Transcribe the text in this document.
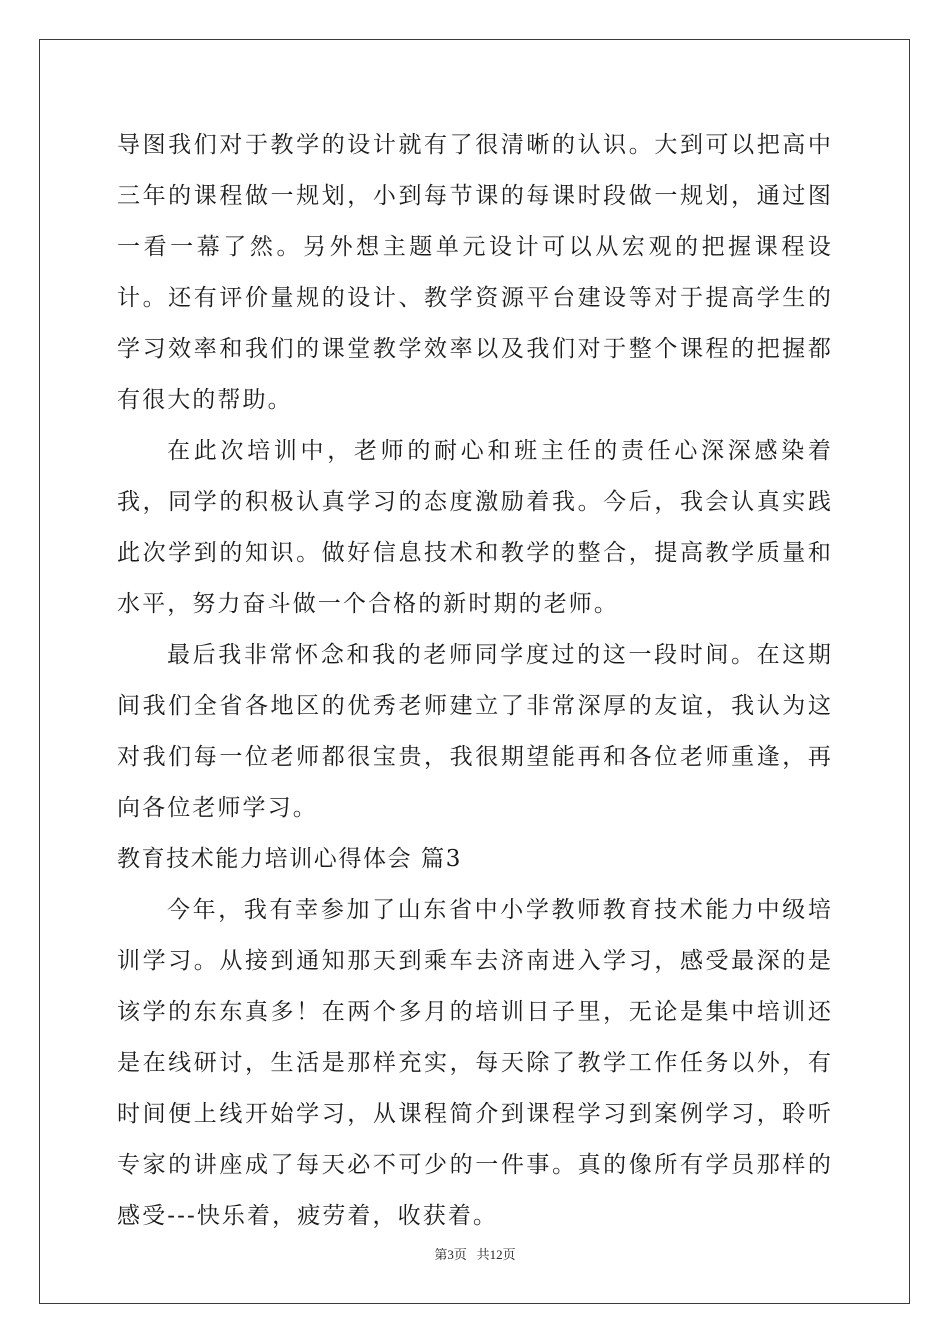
导图我们对于教学的设计就有了很清晰的认识。大到可以把高中三年的课程做一规划，小到每节课的每课时段做一规划，通过图一看一幕了然。另外想主题单元设计可以从宏观的把握课程设计。还有评价量规的设计、教学资源平台建设等对于提高学生的学习效率和我们的课堂教学效率以及我们对于整个课程的把握都有很大的帮助。

在此次培训中，老师的耐心和班主任的责任心深深感染着我，同学的积极认真学习的态度激励着我。今后，我会认真实践此次学到的知识。做好信息技术和教学的整合，提高教学质量和水平，努力奋斗做一个合格的新时期的老师。

最后我非常怀念和我的老师同学度过的这一段时间。在这期间我们全省各地区的优秀老师建立了非常深厚的友谊，我认为这对我们每一位老师都很宝贵，我很期望能再和各位老师重逢，再向各位老师学习。

教育技术能力培训心得体会 篇3

今年，我有幸参加了山东省中小学教师教育技术能力中级培训学习。从接到通知那天到乘车去济南进入学习，感受最深的是该学的东东真多！在两个多月的培训日子里，无论是集中培训还是在线研讨，生活是那样充实，每天除了教学工作任务以外，有时间便上线开始学习，从课程简介到课程学习到案例学习，聆听专家的讲座成了每天必不可少的一件事。真的像所有学员那样的感受---快乐着，疲劳着，收获着。

第3页 共12页
